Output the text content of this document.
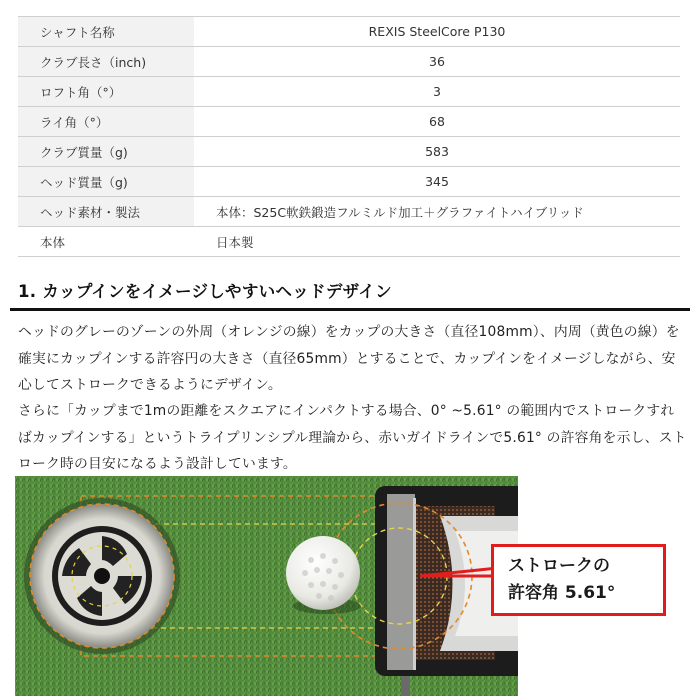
シャフト名称	REXIS SteelCore P130
クラブ長さ（inch)	36
ロフト角（°）	3
ライ角（°）	68
クラブ質量（g)	583
ヘッド質量（g)	345
ヘッド素材・製法	本体：S25C軟鉄鍛造フルミルド加工＋グラファイトハイブリッド
本体	日本製
1. カップインをイメージしやすいヘッドデザイン

ヘッドのグレーのゾーンの外周（オレンジの線）をカップの大きさ（直径108mm）、内周（黄色の線）を確実にカップインする許容円の大きさ（直径65mm）とすることで、カップインをイメージしながら、安心してストロークできるようにデザイン。

さらに「カップまで1mの距離をスクエアにインパクトする場合、0° ~5.61° の範囲内でストロークすればカップインする」というトライプリンシプル理論から、赤いガイドラインで5.61° の許容角を示し、ストローク時の目安になるよう設計しています。

ストロークの
許容角 5.61°
